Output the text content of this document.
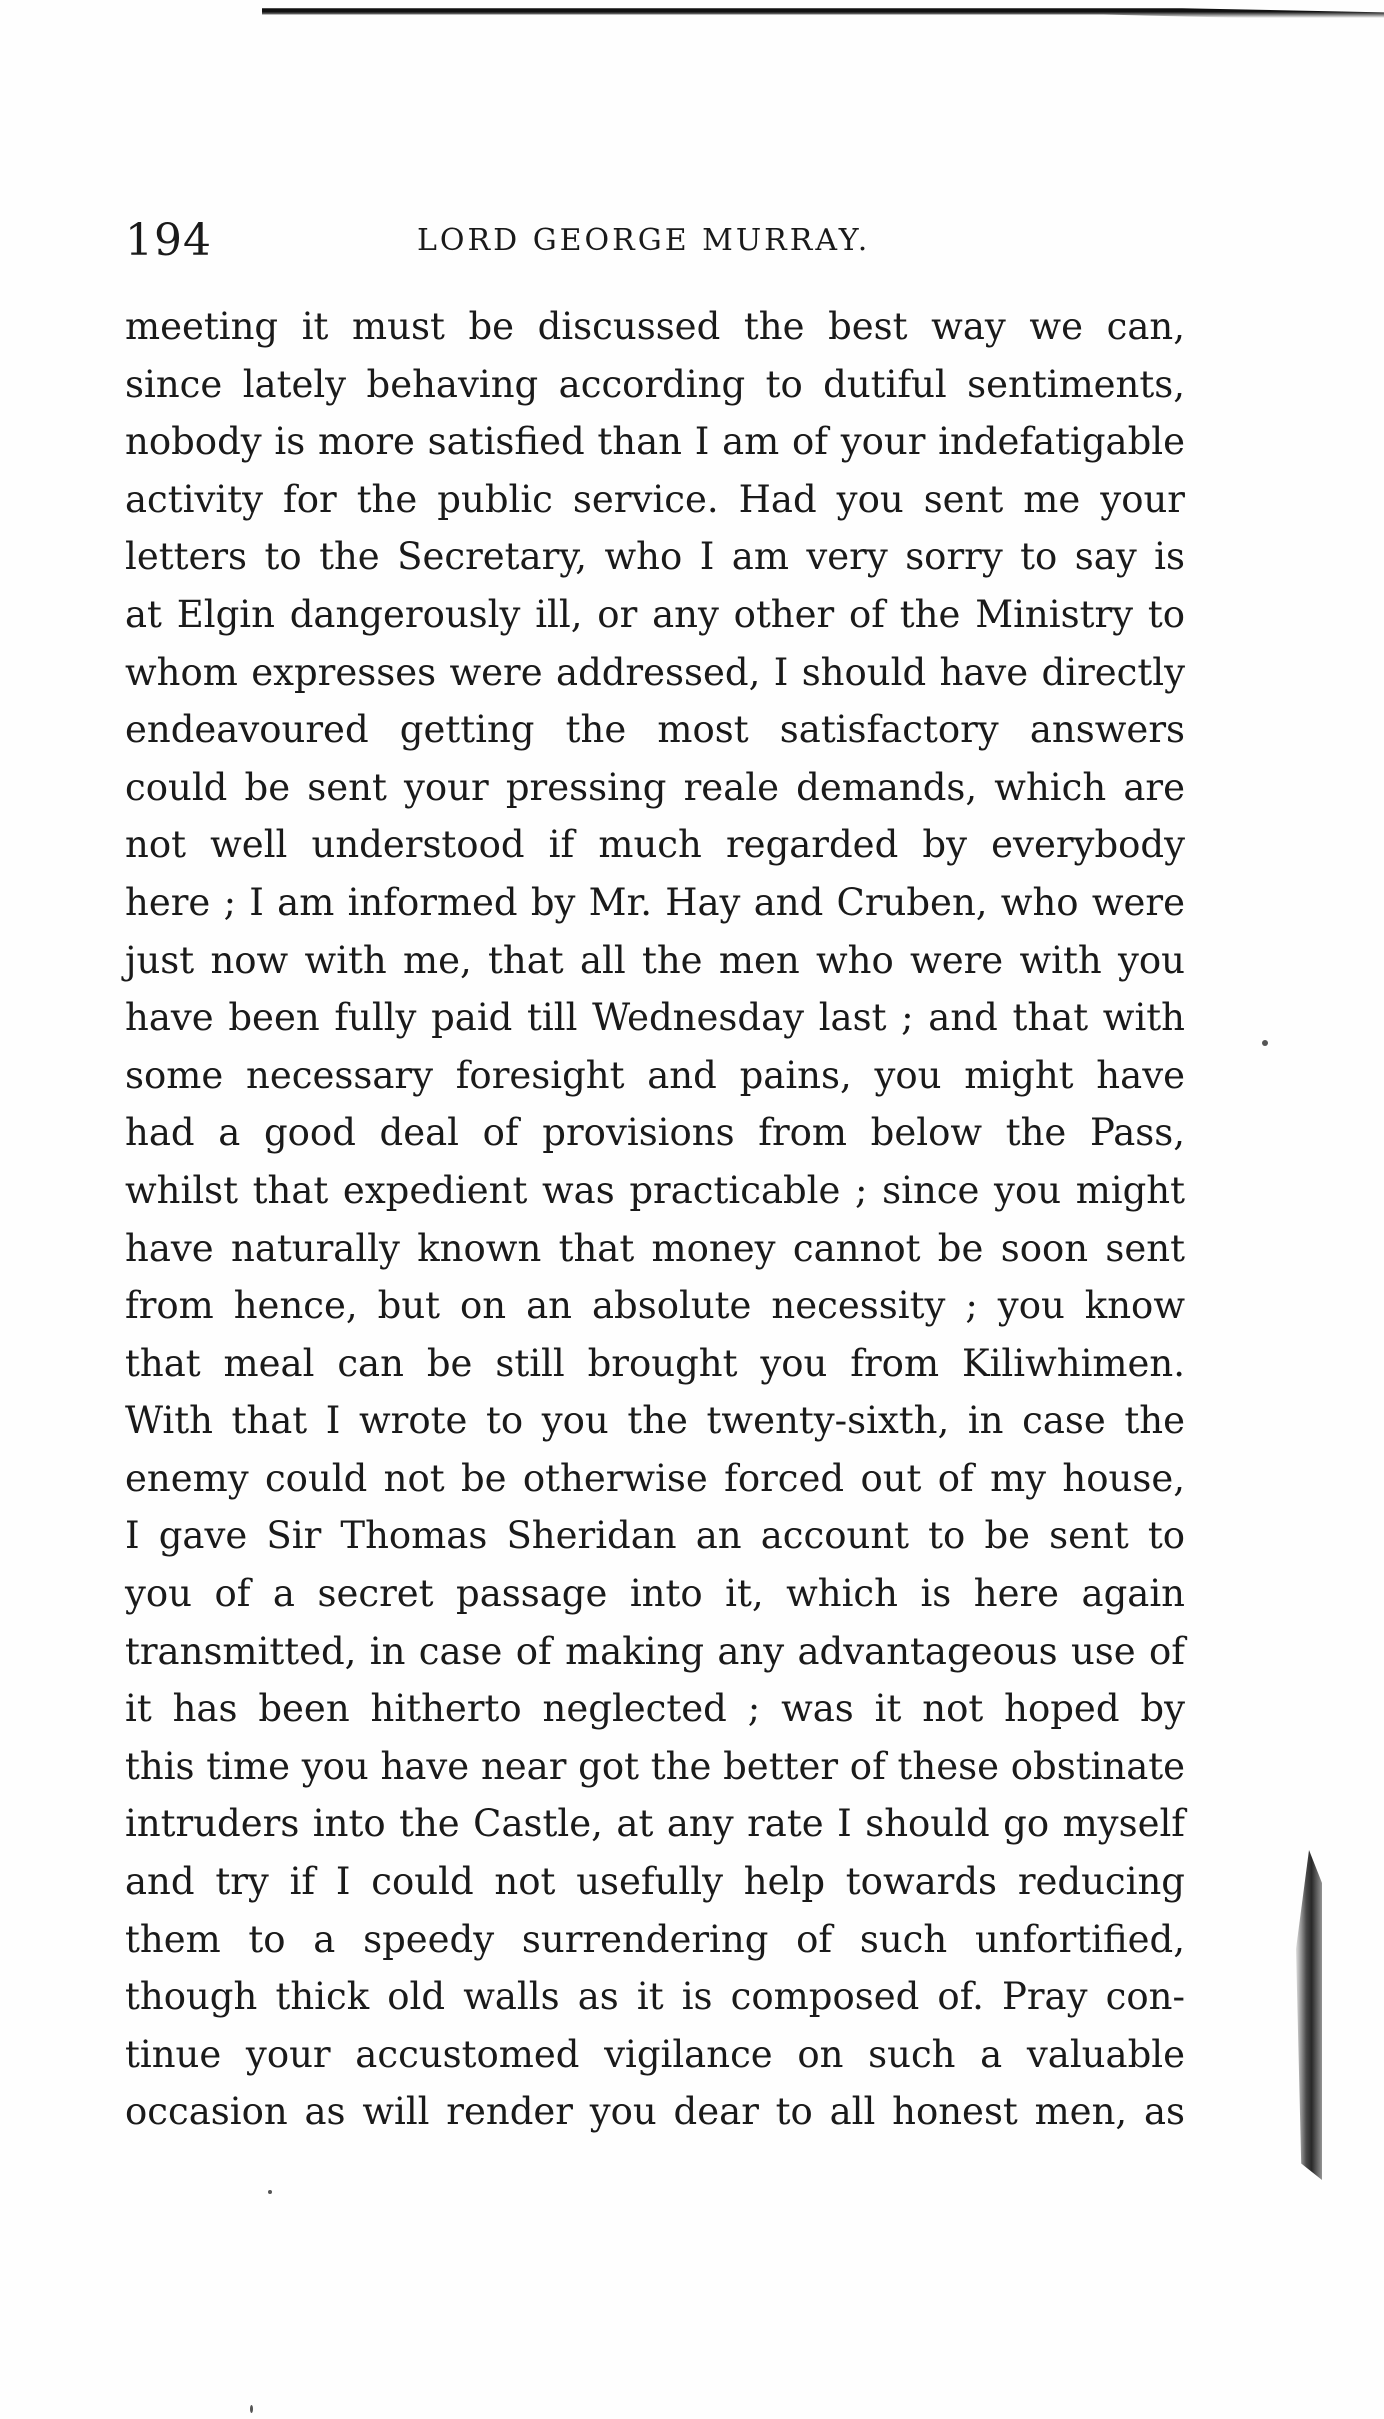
194	LORD GEORGE MURRAY.
meeting it must be discussed the best way we can,
since lately behaving according to dutiful sentiments,
nobody is more satisfied than I am of your indefatigable
activity for the public service. Had you sent me your
letters to the Secretary, who I am very sorry to say is
at Elgin dangerously ill, or any other of the Ministry to
whom expresses were addressed, I should have directly
endeavoured getting the most satisfactory answers
could be sent your pressing reale demands, which are
not well understood if much regarded by everybody
here ; I am informed by Mr. Hay and Cruben, who were
just now with me, that all the men who were with you
have been fully paid till Wednesday last ; and that with
some necessary foresight and pains, you might have
had a good deal of provisions from below the Pass,
whilst that expedient was practicable ; since you might
have naturally known that money cannot be soon sent
from hence, but on an absolute necessity ; you know
that meal can be still brought you from Kiliwhimen.
With that I wrote to you the twenty-sixth, in case the
enemy could not be otherwise forced out of my house,
I gave Sir Thomas Sheridan an account to be sent to
you of a secret passage into it, which is here again
transmitted, in case of making any advantageous use of
it has been hitherto neglected ; was it not hoped by
this time you have near got the better of these obstinate
intruders into the Castle, at any rate I should go myself
and try if I could not usefully help towards reducing
them to a speedy surrendering of such unfortified,
though thick old walls as it is composed of. Pray con-
tinue your accustomed vigilance on such a valuable
occasion as will render you dear to all honest men, as
